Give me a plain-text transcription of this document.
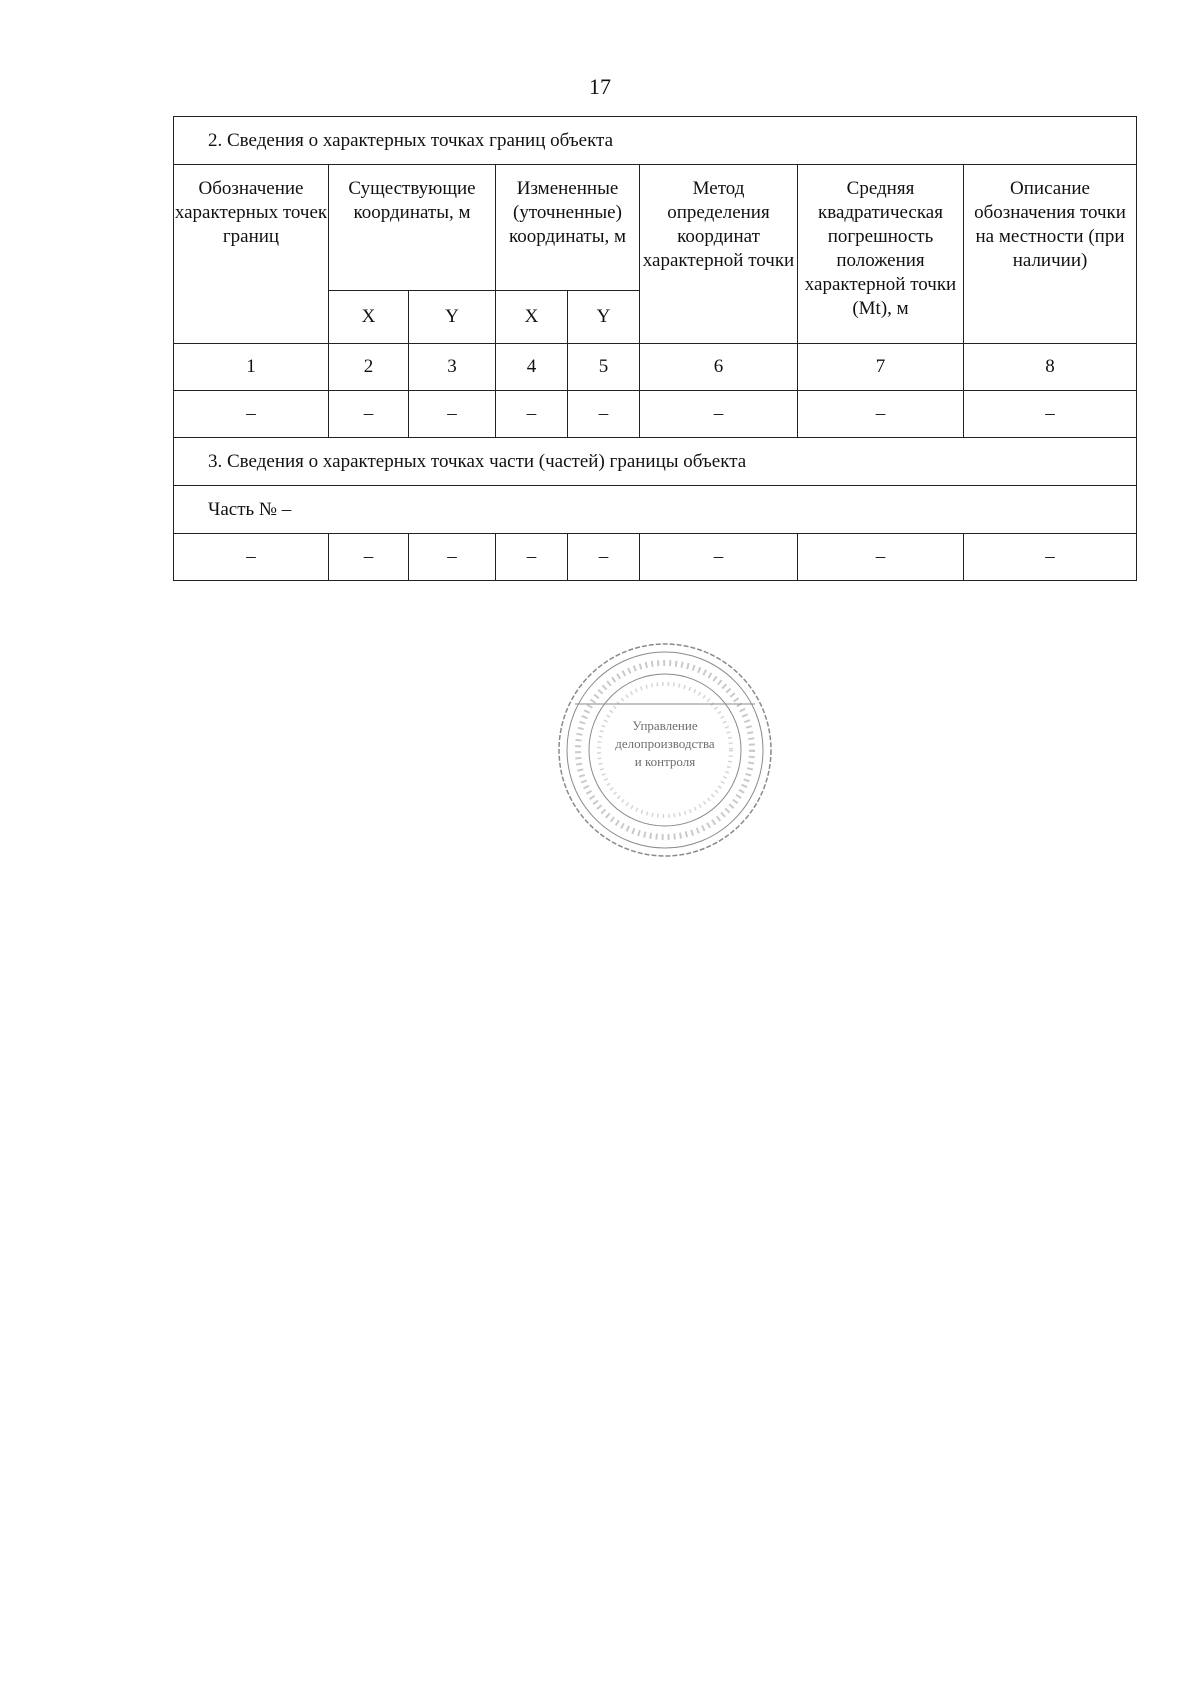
17
2. Сведения о характерных точках границ объекта							
Обозначение характерных точек границ	Существующие координаты, м		Измененные (уточненные) координаты, м		Метод определения координат характерной точки	Средняя квадратическая погрешность положения характерной точки (Mt), м	Описание обозначения точки на местности (при наличии)
	X	Y	X	Y			
1	2	3	4	5	6	7	8
–	–	–	–	–	–	–	–
3. Сведения о характерных точках части (частей) границы объекта							
Часть № –							
–	–	–	–	–	–	–	–
Управление
делопроизводства
и контроля
